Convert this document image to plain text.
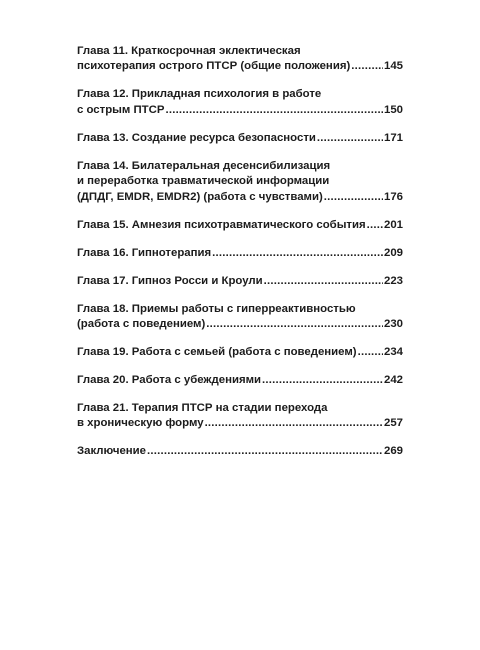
Глава 11. Краткосрочная эклектическая
психотерапия острого ПТСР (общие положения) .....	145
Глава 12. Прикладная психология в работе
с острым ПТСР .....	150
Глава 13. Создание ресурса безопасности .....	171
Глава 14. Билатеральная десенсибилизация
и переработка травматической информации
(ДПДГ, EMDR, EMDR2) (работа с чувствами) .....	176
Глава 15. Амнезия психотравматического события ..... 201
Глава 16. Гипнотерапия .....	209
Глава 17. Гипноз Росси и Кроули .....	223
Глава 18. Приемы работы с гиперреактивностью
(работа с поведением) .....	230
Глава 19. Работа с семьей (работа с поведением) ..... 234
Глава 20. Работа с убеждениями .....	242
Глава 21. Терапия ПТСР на стадии перехода
в хроническую форму .....	257
Заключение .....	269
